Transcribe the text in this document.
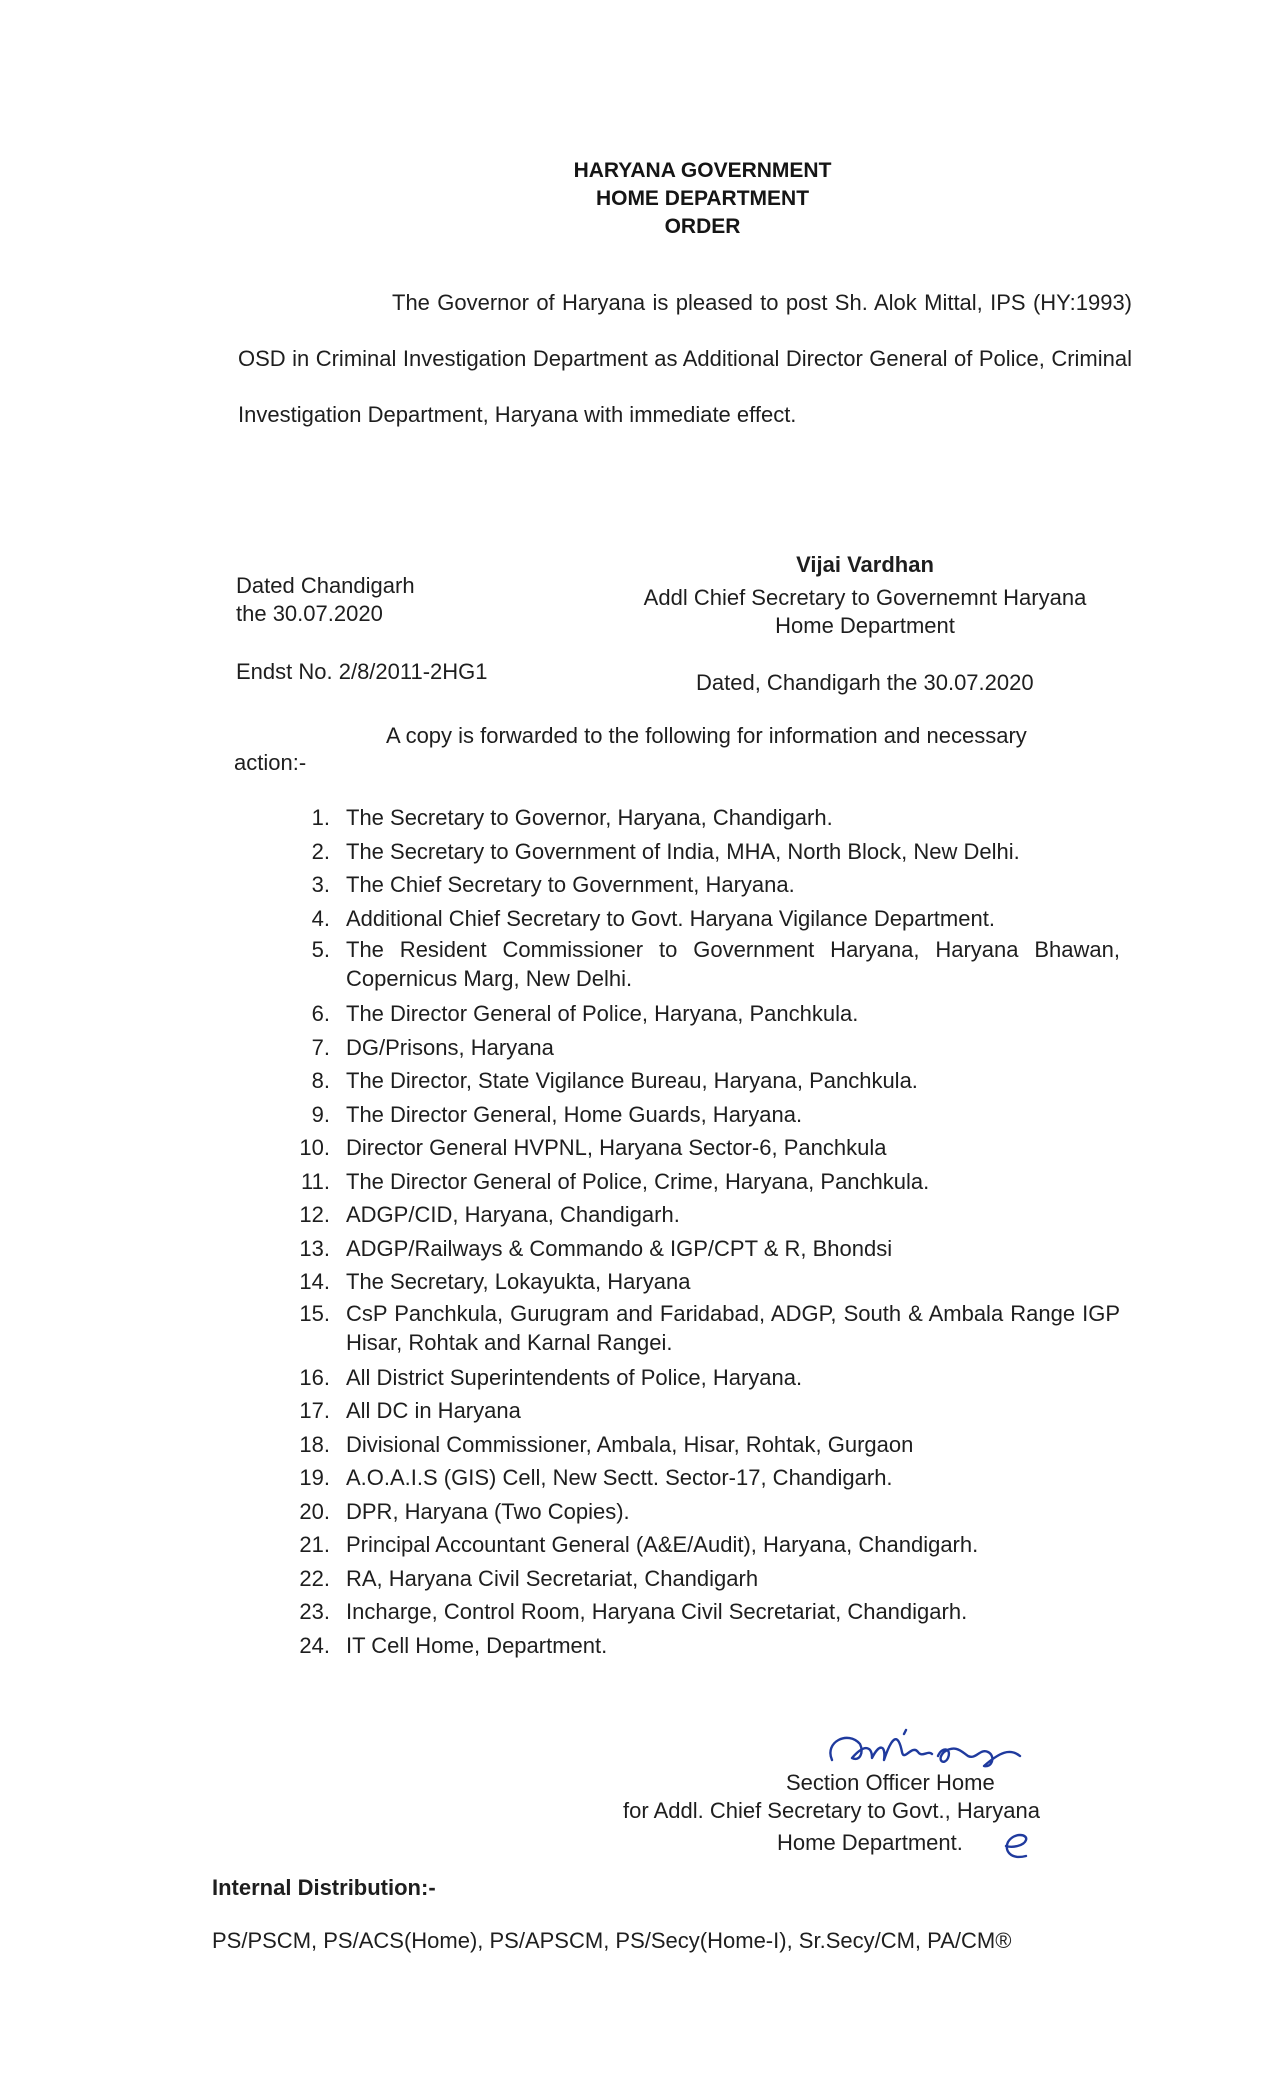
HARYANA GOVERNMENT
HOME DEPARTMENT
ORDER
The Governor of Haryana is pleased to post Sh. Alok Mittal, IPS (HY:1993) OSD in Criminal Investigation Department as Additional Director General of Police, Criminal Investigation Department, Haryana with immediate effect.
Dated Chandigarh
the 30.07.2020
Vijai Vardhan
Addl Chief Secretary to Governemnt Haryana
Home Department
Endst No. 2/8/2011-2HG1	Dated, Chandigarh the 30.07.2020
A copy is forwarded to the following for information and necessary
action:-
1. The Secretary to Governor, Haryana, Chandigarh.
2. The Secretary to Government of India, MHA, North Block, New Delhi.
3. The Chief Secretary to Government, Haryana.
4. Additional Chief Secretary to Govt. Haryana Vigilance Department.
5. The Resident Commissioner to Government Haryana, Haryana Bhawan, Copernicus Marg, New Delhi.
6. The Director General of Police, Haryana, Panchkula.
7. DG/Prisons, Haryana
8. The Director, State Vigilance Bureau, Haryana, Panchkula.
9. The Director General, Home Guards, Haryana.
10. Director General HVPNL, Haryana Sector-6, Panchkula
11. The Director General of Police, Crime, Haryana, Panchkula.
12. ADGP/CID, Haryana, Chandigarh.
13. ADGP/Railways & Commando & IGP/CPT & R, Bhondsi
14. The Secretary, Lokayukta, Haryana
15. CsP Panchkula, Gurugram and Faridabad, ADGP, South & Ambala Range IGP Hisar, Rohtak and Karnal Rangei.
16. All District Superintendents of Police, Haryana.
17. All DC in Haryana
18. Divisional Commissioner, Ambala, Hisar, Rohtak, Gurgaon
19. A.O.A.I.S (GIS) Cell, New Sectt. Sector-17, Chandigarh.
20. DPR, Haryana (Two Copies).
21. Principal Accountant General (A&E/Audit), Haryana, Chandigarh.
22. RA, Haryana Civil Secretariat, Chandigarh
23. Incharge, Control Room, Haryana Civil Secretariat, Chandigarh.
24. IT Cell Home, Department.
Section Officer Home
for Addl. Chief Secretary to Govt., Haryana
Home Department.
Internal Distribution:-
PS/PSCM, PS/ACS(Home), PS/APSCM, PS/Secy(Home-I), Sr.Secy/CM, PA/CM®
